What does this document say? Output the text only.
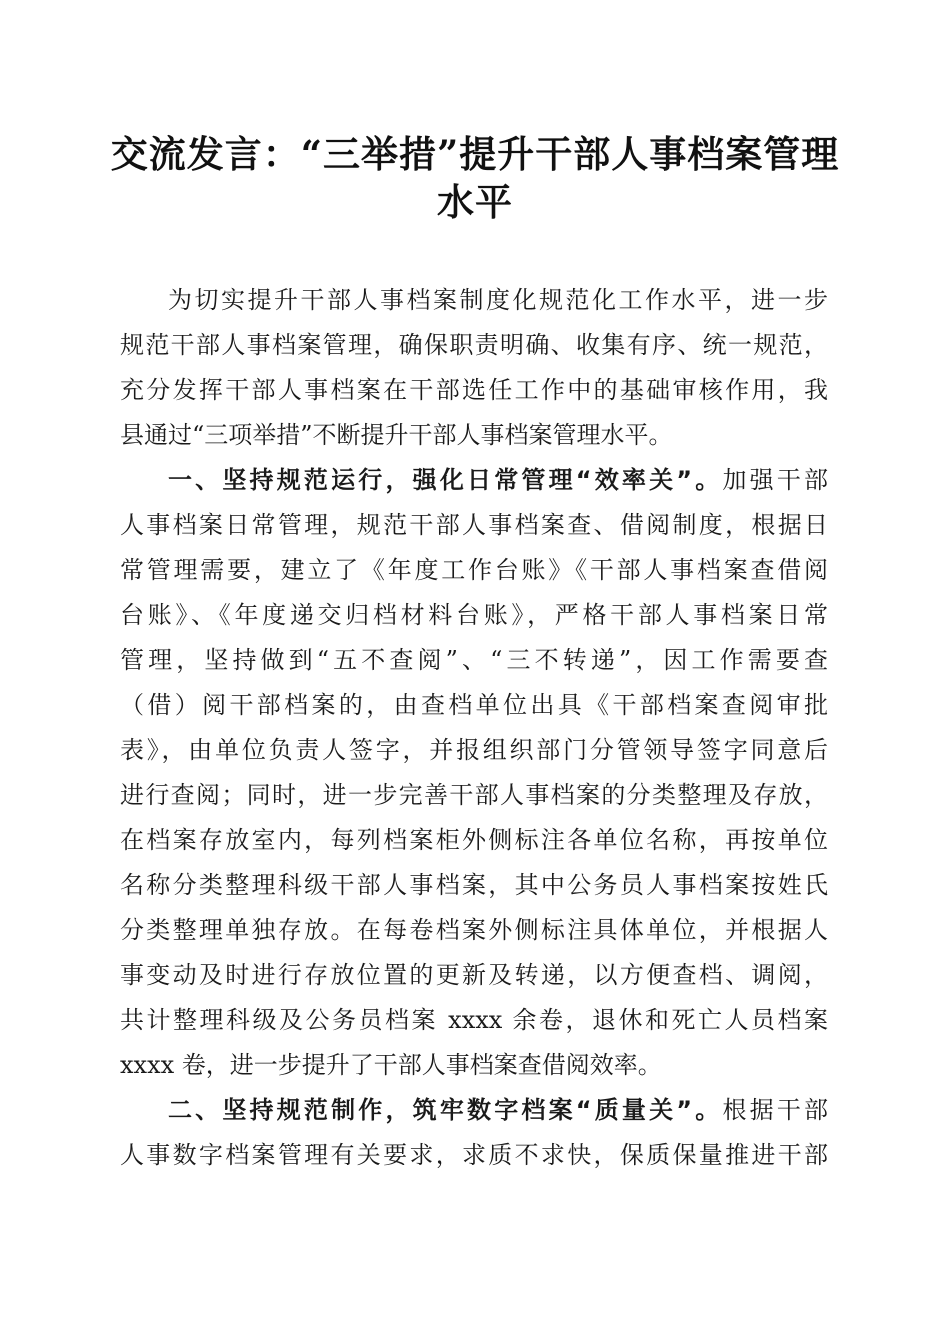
交流发言：“三举措”提升干部人事档案管理
水平
为切实提升干部人事档案制度化规范化工作水平，进一步
规范干部人事档案管理，确保职责明确、收集有序、统一规范，
充分发挥干部人事档案在干部选任工作中的基础审核作用，我
县通过“三项举措”不断提升干部人事档案管理水平。
一、坚持规范运行，强化日常管理“效率关”。加强干部
人事档案日常管理，规范干部人事档案查、借阅制度，根据日
常管理需要，建立了《年度工作台账》《干部人事档案查借阅
台账》、《年度递交归档材料台账》，严格干部人事档案日常
管理，坚持做到“五不查阅”、“三不转递”，因工作需要查
（借）阅干部档案的，由查档单位出具《干部档案查阅审批
表》，由单位负责人签字，并报组织部门分管领导签字同意后
进行查阅；同时，进一步完善干部人事档案的分类整理及存放，
在档案存放室内，每列档案柜外侧标注各单位名称，再按单位
名称分类整理科级干部人事档案，其中公务员人事档案按姓氏
分类整理单独存放。在每卷档案外侧标注具体单位，并根据人
事变动及时进行存放位置的更新及转递，以方便查档、调阅，
共计整理科级及公务员档案 xxxx 余卷，退休和死亡人员档案
xxxx 卷，进一步提升了干部人事档案查借阅效率。
二、坚持规范制作，筑牢数字档案“质量关”。根据干部
人事数字档案管理有关要求，求质不求快，保质保量推进干部
